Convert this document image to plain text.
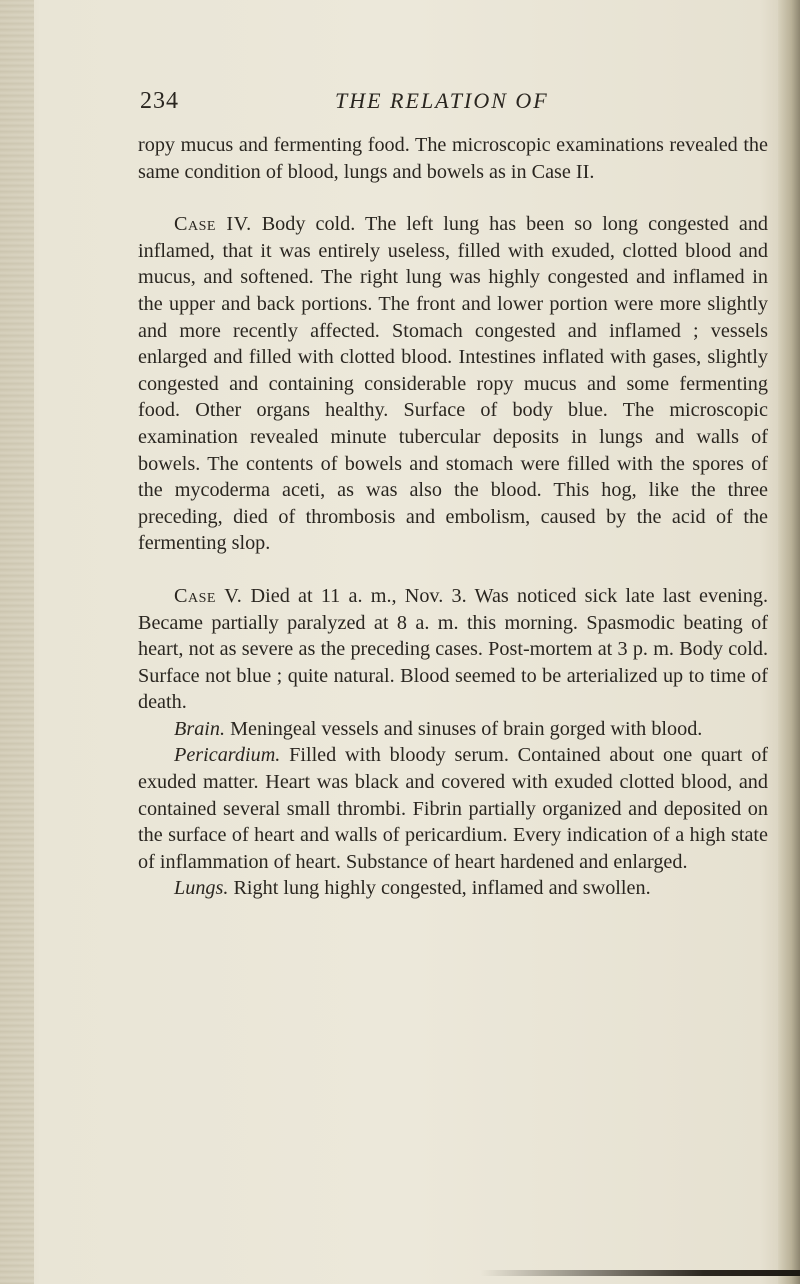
234	THE RELATION OF

ropy mucus and fermenting food. The microscopic examinations revealed the same condition of blood, lungs and bowels as in Case II.

Case IV. Body cold. The left lung has been so long congested and inflamed, that it was entirely useless, filled with exuded, clotted blood and mucus, and softened. The right lung was highly congested and inflamed in the upper and back portions. The front and lower portion were more slightly and more recently affected. Stomach congested and inflamed ; vessels enlarged and filled with clotted blood. Intestines inflated with gases, slightly congested and containing considerable ropy mucus and some fermenting food. Other organs healthy. Surface of body blue. The microscopic examination revealed minute tubercular deposits in lungs and walls of bowels. The contents of bowels and stomach were filled with the spores of the mycoderma aceti, as was also the blood. This hog, like the three preceding, died of thrombosis and embolism, caused by the acid of the fermenting slop.

Case V. Died at 11 a. m., Nov. 3. Was noticed sick late last evening. Became partially paralyzed at 8 a. m. this morning. Spasmodic beating of heart, not as severe as the preceding cases. Post-mortem at 3 p. m. Body cold. Surface not blue ; quite natural. Blood seemed to be arterialized up to time of death.

Brain. Meningeal vessels and sinuses of brain gorged with blood.

Pericardium. Filled with bloody serum. Contained about one quart of exuded matter. Heart was black and covered with exuded clotted blood, and contained several small thrombi. Fibrin partially organized and deposited on the surface of heart and walls of pericardium. Every indication of a high state of inflammation of heart. Substance of heart hardened and enlarged.

Lungs. Right lung highly congested, inflamed and swollen.
